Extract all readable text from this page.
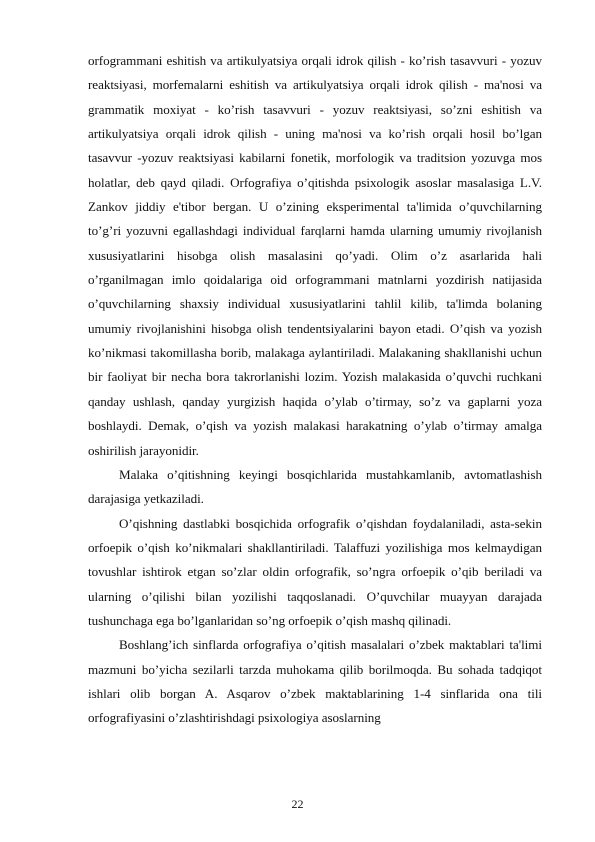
orfogrammani eshitish va artikulyatsiya orqali idrok qilish - ko’rish tasavvuri - yozuv reaktsiyasi, morfemalarni eshitish va artikulyatsiya orqali idrok qilish - ma'nosi va grammatik moxiyat - ko’rish tasavvuri - yozuv reaktsiyasi, so’zni eshitish va artikulyatsiya orqali idrok qilish - uning ma'nosi va ko’rish orqali hosil bo’lgan tasavvur -yozuv reaktsiyasi kabilarni fonetik, morfologik va traditsion yozuvga mos holatlar, deb qayd qiladi. Orfografiya o’qitishda psixologik asoslar masalasiga L.V. Zankov jiddiy e'tibor bergan. U o’zining eksperimental ta'limida o’quvchilarning to’g’ri yozuvni egallashdagi individual farqlarni hamda ularning umumiy rivojlanish xususiyatlarini hisobga olish masalasini qo’yadi. Olim o’z asarlarida hali o’rganilmagan imlo qoidalariga oid orfogrammani matnlarni yozdirish natijasida o’quvchilarning shaxsiy individual xususiyatlarini tahlil kilib, ta'limda bolaning umumiy rivojlanishini hisobga olish tendentsiyalarini bayon etadi. O’qish va yozish ko’nikmasi takomillasha borib, malakaga aylantiriladi. Malakaning shakllanishi uchun bir faoliyat bir necha bora takrorlanishi lozim. Yozish malakasida o’quvchi ruchkani qanday ushlash, qanday yurgizish haqida o’ylab o’tirmay, so’z va gaplarni yoza boshlaydi. Demak, o’qish va yozish malakasi harakatning o’ylab o’tirmay amalga oshirilish jarayonidir.

Malaka o’qitishning keyingi bosqichlarida mustahkamlanib, avtomatlashish darajasiga yetkaziladi.

O’qishning dastlabki bosqichida orfografik o’qishdan foydalaniladi, asta-sekin orfoepik o’qish ko’nikmalari shakllantiriladi. Talaffuzi yozilishiga mos kelmaydigan tovushlar ishtirok etgan so’zlar oldin orfografik, so’ngra orfoepik o’qib beriladi va ularning o’qilishi bilan yozilishi taqqoslanadi. O’quvchilar muayyan darajada tushunchaga ega bo’lganlaridan so’ng orfoepik o’qish mashq qilinadi.

Boshlang’ich sinflarda orfografiya o’qitish masalalari o’zbek maktablari ta'limi mazmuni bo’yicha sezilarli tarzda muhokama qilib borilmoqda. Bu sohada tadqiqot ishlari olib borgan A. Asqarov o’zbek maktablarining 1-4 sinflarida ona tili orfografiyasini o’zlashtirishdagi psixologiya asoslarning

22
